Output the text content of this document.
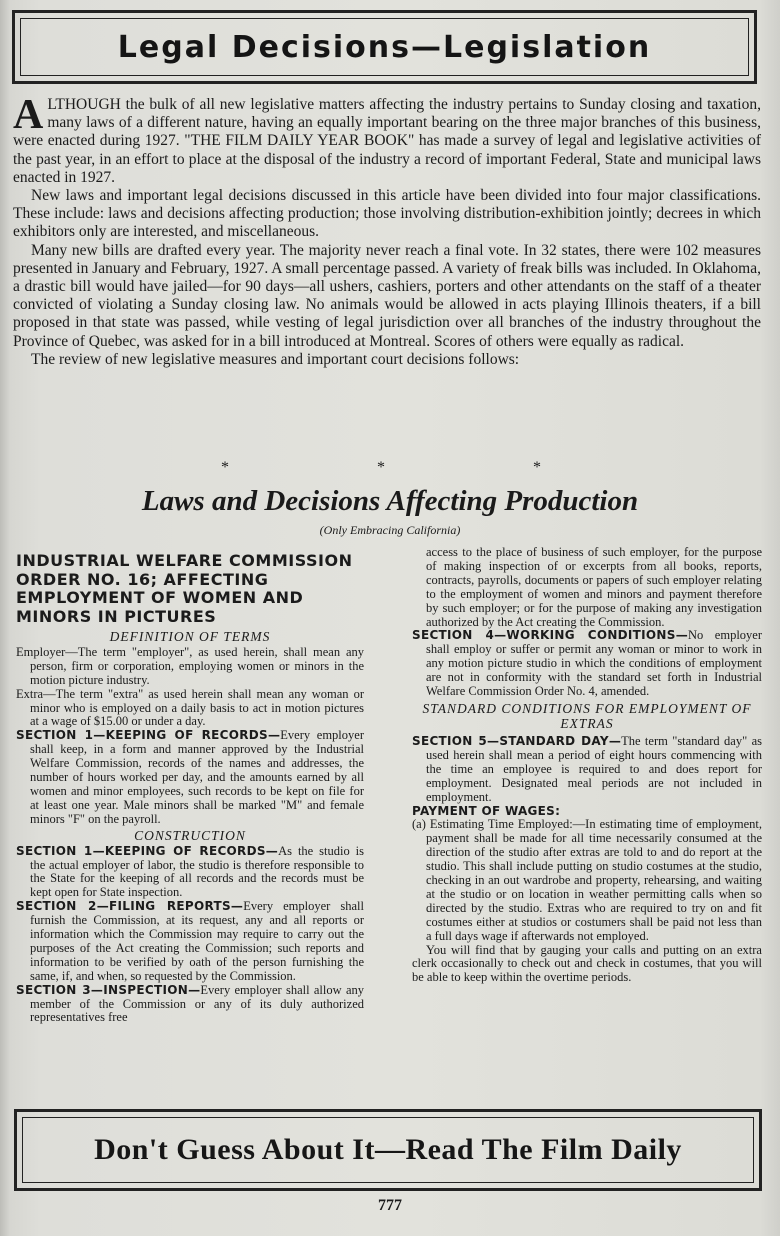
Legal Decisions—Legislation

ALTHOUGH the bulk of all new legislative matters affecting the industry pertains to Sunday closing and taxation, many laws of a different nature, having an equally important bearing on the three major branches of this business, were enacted during 1927. "THE FILM DAILY YEAR BOOK" has made a survey of legal and legislative activities of the past year, in an effort to place at the disposal of the industry a record of important Federal, State and municipal laws enacted in 1927.

New laws and important legal decisions discussed in this article have been divided into four major classifications. These include: laws and decisions affecting production; those involving distribution-exhibition jointly; decrees in which exhibitors only are interested, and miscellaneous.

Many new bills are drafted every year. The majority never reach a final vote. In 32 states, there were 102 measures presented in January and February, 1927. A small percentage passed. A variety of freak bills was included. In Oklahoma, a drastic bill would have jailed—for 90 days—all ushers, cashiers, porters and other attendants on the staff of a theater convicted of violating a Sunday closing law. No animals would be allowed in acts playing Illinois theaters, if a bill proposed in that state was passed, while vesting of legal jurisdiction over all branches of the industry throughout the Province of Quebec, was asked for in a bill introduced at Montreal. Scores of others were equally as radical.

The review of new legislative measures and important court decisions follows:

* * *
Laws and Decisions Affecting Production
(Only Embracing California)

INDUSTRIAL WELFARE COMMISSION ORDER NO. 16; AFFECTING EMPLOYMENT OF WOMEN AND MINORS IN PICTURES

DEFINITION OF TERMS

Employer—The term "employer", as used herein, shall mean any person, firm or corporation, employing women or minors in the motion picture industry.

Extra—The term "extra" as used herein shall mean any woman or minor who is employed on a daily basis to act in motion pictures at a wage of $15.00 or under a day.

SECTION 1—KEEPING OF RECORDS—Every employer shall keep, in a form and manner approved by the Industrial Welfare Commission, records of the names and addresses, the number of hours worked per day, and the amounts earned by all women and minor employees, such records to be kept on file for at least one year. Male minors shall be marked "M" and female minors "F" on the payroll.

CONSTRUCTION

SECTION 1—KEEPING OF RECORDS—As the studio is the actual employer of labor, the studio is therefore responsible to the State for the keeping of all records and the records must be kept open for State inspection.

SECTION 2—FILING REPORTS—Every employer shall furnish the Commission, at its request, any and all reports or information which the Commission may require to carry out the purposes of the Act creating the Commission; such reports and information to be verified by oath of the person furnishing the same, if, and when, so requested by the Commission.

SECTION 3—INSPECTION—Every employer shall allow any member of the Commission or any of its duly authorized representatives free

access to the place of business of such employer, for the purpose of making inspection of or excerpts from all books, reports, contracts, payrolls, documents or papers of such employer relating to the employment of women and minors and payment therefore by such employer; or for the purpose of making any investigation authorized by the Act creating the Commission.

SECTION 4—WORKING CONDITIONS—No employer shall employ or suffer or permit any woman or minor to work in any motion picture studio in which the conditions of employment are not in conformity with the standard set forth in Industrial Welfare Commission Order No. 4, amended.

STANDARD CONDITIONS FOR EMPLOYMENT OF EXTRAS

SECTION 5—STANDARD DAY—The term "standard day" as used herein shall mean a period of eight hours commencing with the time an employee is required to and does report for employment. Designated meal periods are not included in employment.

PAYMENT OF WAGES:

(a) Estimating Time Employed:—In estimating time of employment, payment shall be made for all time necessarily consumed at the direction of the studio after extras are told to and do report at the studio. This shall include putting on studio costumes at the studio, checking in an out wardrobe and property, rehearsing, and waiting at the studio or on location in weather permitting calls when so directed by the studio. Extras who are required to try on and fit costumes either at studios or costumers shall be paid not less than a full days wage if afterwards not employed.

You will find that by gauging your calls and putting on an extra clerk occasionally to check out and check in costumes, that you will be able to keep within the overtime periods.

Don't Guess About It—Read The Film Daily
777
